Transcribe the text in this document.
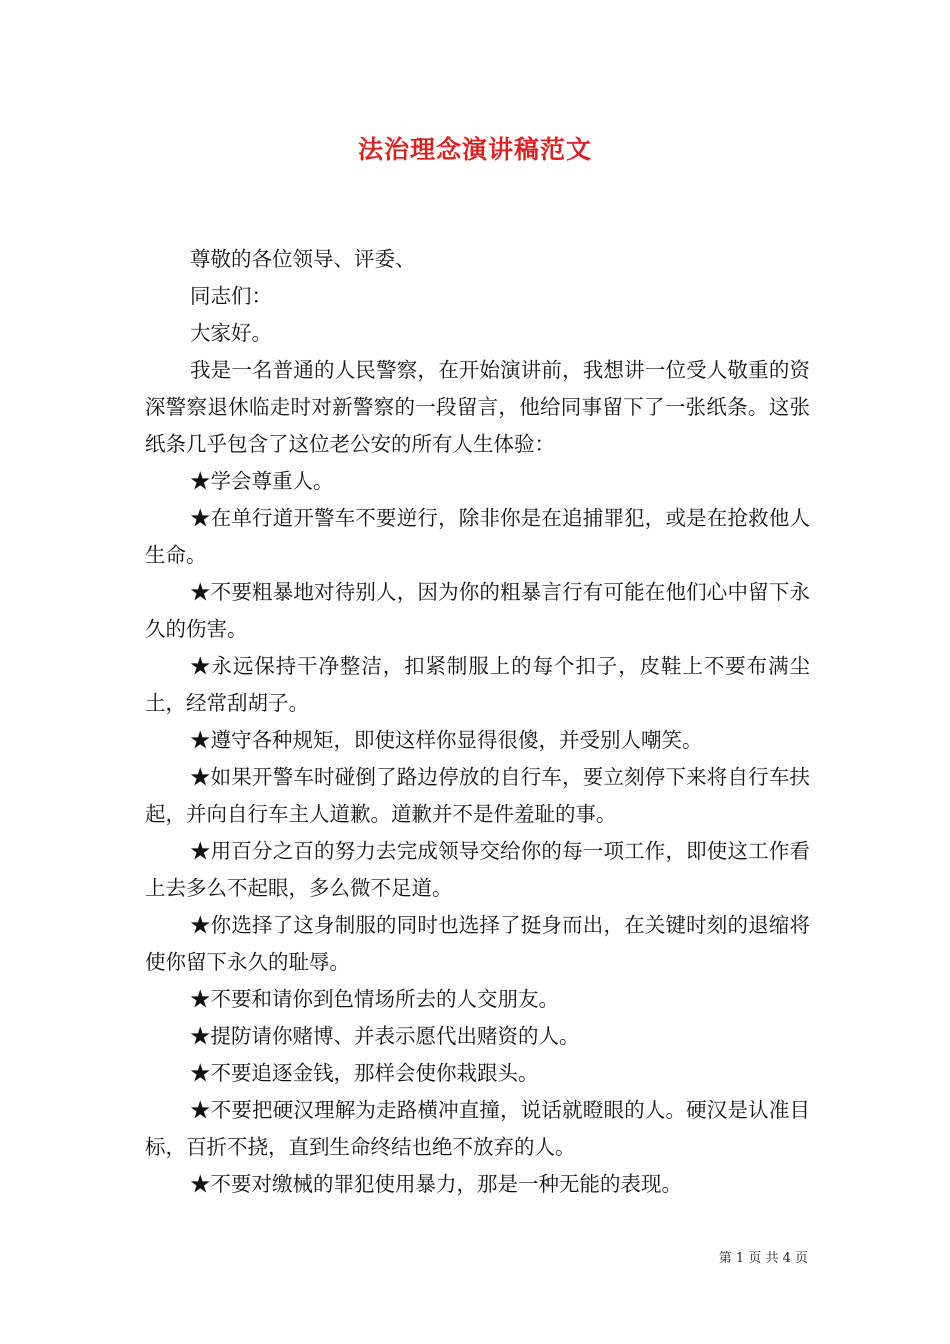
法治理念演讲稿范文

尊敬的各位领导、评委、

同志们：

大家好。

我是一名普通的人民警察，在开始演讲前，我想讲一位受人敬重的资深警察退休临走时对新警察的一段留言，他给同事留下了一张纸条。这张纸条几乎包含了这位老公安的所有人生体验：

★学会尊重人。

★在单行道开警车不要逆行，除非你是在追捕罪犯，或是在抢救他人生命。

★不要粗暴地对待别人，因为你的粗暴言行有可能在他们心中留下永久的伤害。

★永远保持干净整洁，扣紧制服上的每个扣子，皮鞋上不要布满尘土，经常刮胡子。

★遵守各种规矩，即使这样你显得很傻，并受别人嘲笑。

★如果开警车时碰倒了路边停放的自行车，要立刻停下来将自行车扶起，并向自行车主人道歉。道歉并不是件羞耻的事。

★用百分之百的努力去完成领导交给你的每一项工作，即使这工作看上去多么不起眼，多么微不足道。

★你选择了这身制服的同时也选择了挺身而出，在关键时刻的退缩将使你留下永久的耻辱。

★不要和请你到色情场所去的人交朋友。

★提防请你赌博、并表示愿代出赌资的人。

★不要追逐金钱，那样会使你栽跟头。

★不要把硬汉理解为走路横冲直撞，说话就瞪眼的人。硬汉是认准目标，百折不挠，直到生命终结也绝不放弃的人。

★不要对缴械的罪犯使用暴力，那是一种无能的表现。

第 1 页 共 4 页
